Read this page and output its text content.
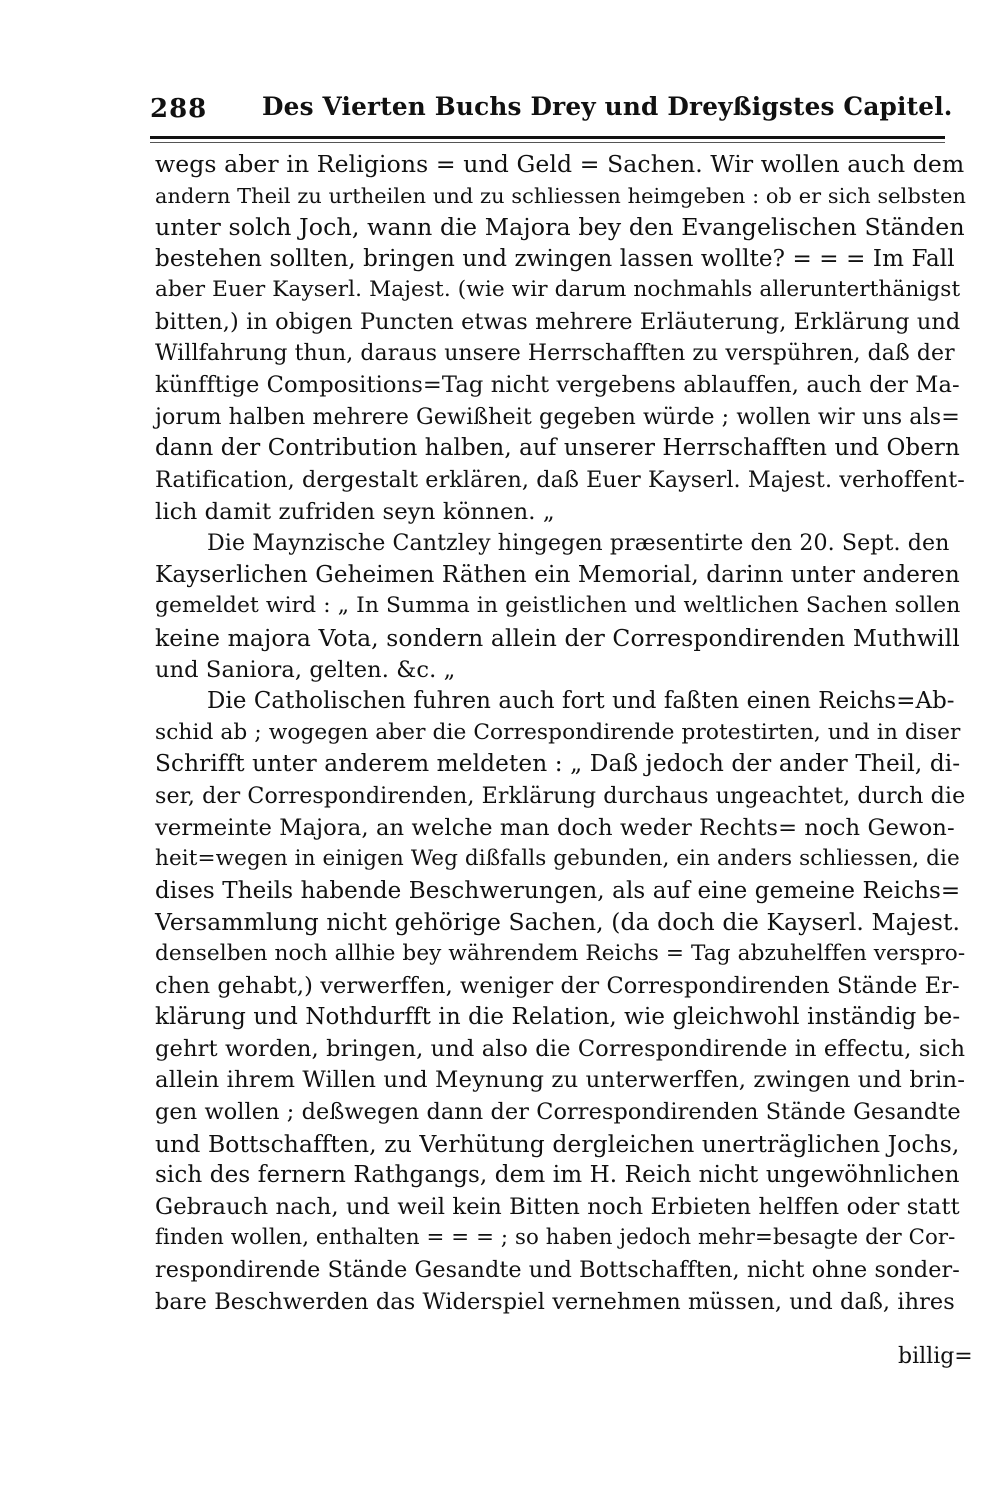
288 Des Vierten Buchs Drey und Dreyßigstes Capitel.
wegs aber in Religions = und Geld = Sachen. Wir wollen auch dem
andern Theil zu urtheilen und zu schliessen heimgeben : ob er sich selbsten
unter solch Joch, wann die Majora bey den Evangelischen Ständen
bestehen sollten, bringen und zwingen lassen wollte? = = = Im Fall
aber Euer Kayserl. Majest. (wie wir darum nochmahls allerunterthänigst
bitten,) in obigen Puncten etwas mehrere Erläuterung, Erklärung und
Willfahrung thun, daraus unsere Herrschafften zu verspühren, daß der
künfftige Compositions=Tag nicht vergebens ablauffen, auch der Ma-
jorum halben mehrere Gewißheit gegeben würde ; wollen wir uns als=
dann der Contribution halben, auf unserer Herrschafften und Obern
Ratification, dergestalt erklären, daß Euer Kayserl. Majest. verhoffent-
lich damit zufriden seyn können. „
Die Maynzische Cantzley hingegen præsentirte den 20. Sept. den
Kayserlichen Geheimen Räthen ein Memorial, darinn unter anderen
gemeldet wird : „ In Summa in geistlichen und weltlichen Sachen sollen
keine majora Vota, sondern allein der Correspondirenden Muthwill
und Saniora, gelten. &c. „
Die Catholischen fuhren auch fort und faßten einen Reichs=Ab-
schid ab ; wogegen aber die Correspondirende protestirten, und in diser
Schrifft unter anderem meldeten : „ Daß jedoch der ander Theil, di-
ser, der Correspondirenden, Erklärung durchaus ungeachtet, durch die
vermeinte Majora, an welche man doch weder Rechts= noch Gewon-
heit=wegen in einigen Weg dißfalls gebunden, ein anders schliessen, die
dises Theils habende Beschwerungen, als auf eine gemeine Reichs=
Versammlung nicht gehörige Sachen, (da doch die Kayserl. Majest.
denselben noch allhie bey währendem Reichs = Tag abzuhelffen verspro-
chen gehabt,) verwerffen, weniger der Correspondirenden Stände Er-
klärung und Nothdurfft in die Relation, wie gleichwohl inständig be-
gehrt worden, bringen, und also die Correspondirende in effectu, sich
allein ihrem Willen und Meynung zu unterwerffen, zwingen und brin-
gen wollen ; deßwegen dann der Correspondirenden Stände Gesandte
und Bottschafften, zu Verhütung dergleichen unerträglichen Jochs,
sich des fernern Rathgangs, dem im H. Reich nicht ungewöhnlichen
Gebrauch nach, und weil kein Bitten noch Erbieten helffen oder statt
finden wollen, enthalten = = = ; so haben jedoch mehr=besagte der Cor-
respondirende Stände Gesandte und Bottschafften, nicht ohne sonder-
bare Beschwerden das Widerspiel vernehmen müssen, und daß, ihres
billig=
